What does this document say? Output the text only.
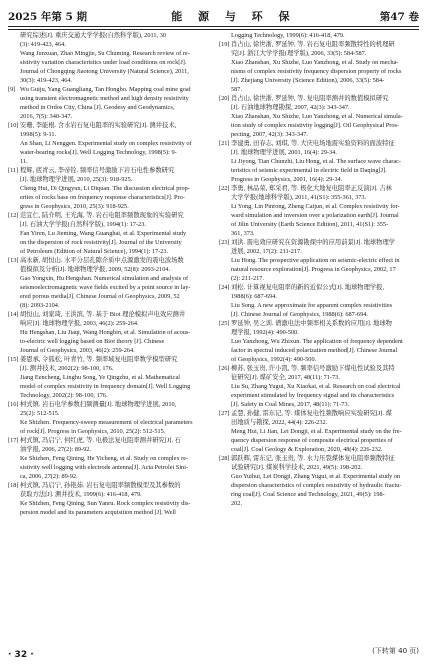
2025 年第 5 期	能 源 与 环 保	第47 卷
研究综述[J]. 重庆交通大学学报(自然科学版), 2011, 30
(3): 419-423, 464.
Wang Junxuan, Zhao Mingjie, Su Chuming. Research review of re-
sistivity variation characteristics under load conditions on rock[J].
Journal of Chongqing Jiaotong University (Natural Science), 2011,
30(3): 419-423, 464.
[9] Wu Guiju, Yang Guangliang, Tan Hongbo. Mapping coal mine goaf
using transient electromagnetic method and high density resistivity
method in Ordos City, China [J]. Geodesy and Geodynamics,
2016, 7(5): 340-347.
[10] 安珊, 李能根. 含水岩石复电阻率的实验研究[J]. 测井技术,
1998(5): 9-11.
An Shan, Li Nenggen. Experimental study on complex resistivity of
water-bearing rocks[J]. Well Logging Technology, 1998(5): 9-
11.
[11] 程辉, 底青云, 李帝铨. 频率信号激励下岩石电性参数研究
[J]. 地球物理学进展, 2010, 25(3): 918-925.
Cheng Hui, Di Qingyun, Li Diquan. The discussion electrical prop-
erties of rocks base on frequency response characteristics[J]. Pro-
gress in Geophysics, 2010, 25(3): 918-925.
[12] 范宜仁, 陆介明, 王光海, 等. 岩石电阻率频散现象的实验研究
[J]. 石油大学学报(自然科学版), 1994(1): 17-23.
Fan Yiren, Lu Jieming, Wang Guanghai, et al. Experimental study
on the dispersion of rock resistivity[J]. Journal of the University
of Petroleum (Edition of Natural Science), 1994(1): 17-23.
[13] 高永新, 胡恒山. 水平分层孔隙介质中点源激发的震电波场数
值模拟及分析[J]. 地球物理学报, 2009, 52(8): 2093-2104.
Gao Yongxin, Hu Hengshan. Numerical simulation and analysis of
seismoelectromagnetic wave fields excited by a point source in lay-
ered porous media[J]. Chinese Journal of Geophysics, 2009, 52
(8): 2093-2104.
[14] 胡恒山, 刘家琦, 王洪滨, 等. 基于 Biot 理论模拟声电效应测井
响应[J]. 地球物理学报, 2003, 46(2): 259-264.
Hu Hengshan, Liu Jiaqi, Wang Hongbin, et al. Simulation of acous-
to-electric well logging based on Biot theory [J]. Chinese
Journal of Geophysics, 2003, 46(2): 259-264.
[15] 姜恩承, 令狐松, 叶青竹, 等. 频率域复电阻率数学模型研究
[J]. 测井技术, 2002(2): 98-100, 176.
Jiang Eencheng, Linghu Song, Ye Qingzhu, et al. Mathematical
model of complex resistivity in frequency domain[J]. Well Logging
Technology, 2002(2): 98-100, 176.
[16] 柯式镇. 岩石电学参数扫频测量[J]. 地球物理学进展, 2010,
25(2): 512-515.
Ke Shizhen. Frequency-sweep measurement of electrical parameters
of rock[J]. Progress in Geophysics, 2010, 25(2): 512-515.
[17] 柯式镇, 冯启宁, 何红虎, 等. 电极法复电阻率测井研究[J]. 石
油学报, 2006, 27(2): 89-92.
Ke Shizhen, Feng Qining, He Yicheng, et al. Study on complex re-
sistivity well logging with electrode antenna[J]. Acta Petrolei Sini-
ca, 2006, 27(2): 89-92.
[18] 柯式镇, 冯启宁, 孙艳茹. 岩石复电阻率频散模型及其参数的
获取方法[J]. 测井技术, 1999(6): 416-418, 479.
Ke Shizhen, Feng Qining, Sun Yanru. Rock complex resistivity dis-
persion model and its parameters acquisition method [J]. Well
Logging Technology, 1999(6): 416-418, 479.
[19] 肖占山, 徐世浙, 罗延钟, 等. 岩石复电阻率频散特性的机理研
究[J]. 浙江大学学报(理学版), 2006, 33(5): 584-587.
Xiao Zhanshan, Xu Shizhe, Luo Yanzhong, et al. Study on mecha-
nisms of complex resistivity frequency dispersion property of rocks
[J]. Zhejiang University (Science Edition), 2006, 33(5): 584-
587.
[20] 肖占山, 徐世浙, 罗延钟, 等. 复电阻率测井的数值模拟研究
[J]. 石油地球物理勘探, 2007, 42(3): 343-347.
Xiao Zhanshan, Xu Shizhe, Luo Yanzhong, et al. Numerical simula-
tion study of complex resistivity logging[J]. Oil Geophysical Pros-
pecting, 2007, 42(3): 343-347.
[21] 李建勇, 田春志, 刘琪, 等. 大庆电场地震实验资料的面波特征
[J]. 地球物理学进展, 2001, 16(4): 29-34.
Li Jiyong, Tian Chunzhi, Liu Hong, et al. The surface wave charac-
teristics of seismic experimental in electric field in Daqing[J].
Progress in Geophysics, 2001, 16(4): 29-34.
[22] 李勇, 林品荣, 郑采君, 等. 极化大地复电阻率正反演[J]. 吉林
大学学报(地球科学版), 2011, 41(S1): 355-361, 373.
Li Yong, Lin Pinrong, Zheng Caijun, et al. Complex resistivity for-
ward simulation and inversion over a polarization earth[J]. Journal
of Jilin University (Earth Science Edition), 2011, 41(S1): 355-
361, 373.
[23] 刘洪. 震电效应研究在资源勘探中的应用前景[J]. 地球物理学
进展, 2002, 17(2): 211-217.
Liu Hong. The prospective application on seismic-electric effect in
natural resource exploration[J]. Progress in Geophysics, 2002, 17
(2): 211-217.
[24] 刘松. 计算视复电阻率的新的近似公式[J]. 地球物理学报,
1988(6): 687-694.
Liu Song. A new approximate for apparent complex resistivities
[J]. Chinese Journal of Geophysics, 1988(6): 687-694.
[25] 罗延钟, 吴之训. 谱激电法中频率相关系数的应用[J]. 地球物
理学报, 1992(4): 490-500.
Luo Yanzhong, Wu Zhixun. The application of frequency dependent
factor in spectral induced polarization method[J]. Chinese Journal
of Geophysics, 1992(4): 490-500.
[26] 柳苏, 张玉贵, 许小凯, 等. 频率信号激励下煤电性试验及其特
征研究[J]. 煤矿安全, 2017, 48(11): 71-73.
Liu Su, Zhang Yugui, Xu Xiaokai, et al. Research on coal electrical
experiment stimulated by frequency signal and its characteristics
[J]. Safety in Coal Mines, 2017, 48(11): 71-73.
[27] 孟慧, 孙健, 雷东记, 等. 煤体复电性频散响应实验研究[J]. 煤
田地质与勘探, 2022, 44(4): 226-232.
Meng Hui, Li Jian, Lei Dongji, et al. Experimental study on the fre-
quency dispersion response of composite electrical properties of
coal[J]. Coal Geology & Exploration, 2020, 48(4): 226-232.
[28] 郭跃辉, 雷东记, 张玉贵, 等. 水力压裂煤体复电阻率频散特征
试验研究[J]. 煤炭科学技术, 2021, 49(5): 198-202.
Guo Yuihui, Lei Dongji, Zhang Yugui, et al. Experimental study on
dispersion characteristics of complex resistivity of hydraulic fractu-
ring coal[J]. Coal Science and Technology, 2021, 49(5): 198-
202.
· 32 ·	(下转第 40 页)
